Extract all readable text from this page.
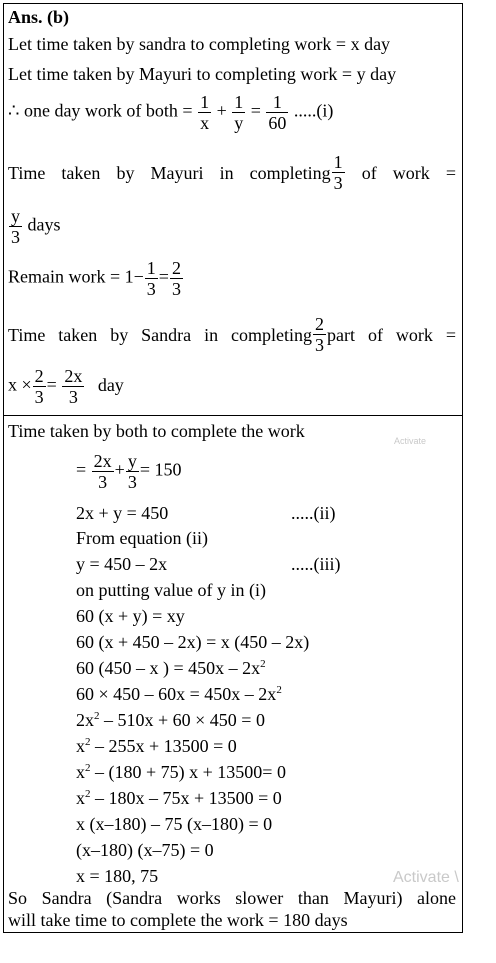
Ans. (b)
Let time taken by sandra to completing work = x day
Let time taken by Mayuri to completing work = y day
∴ one day work of both = $\frac{1}{x} + \frac{1}{y} = \frac{1}{60} .....(i)$
Time taken by Mayuri in completing $\frac{1}{3}$ of work =
$\frac{y}{3}$ days
Remain work = $1- \frac{1}{3} = \frac{2}{3}$
Time taken by Sandra in completing $\frac{2}{3}$ part of work =
$x \times \frac{2}{3} = \frac{2x}{3}$ day
Time taken by both to complete the work
= $\frac{2x}{3} + \frac{y}{3} = 150$
2x + y = 450	.....(ii)
From equation (ii)
y = 450 – 2x	.....(iii)
on putting value of y in (i)
60 (x + y) = xy
60 (x + 450 – 2x) = x (450 – 2x)
60 (450 – x ) = $450x - 2x^2$
$60 \times 450 - 60x = 450x - 2x^2$
$2x^2 - 510x + 60 \times 450 = 0$
$x^2 - 255x + 13500 = 0$
$x^2 - (180 + 75) x + 13500= 0$
$x^2 - 180x - 75x + 13500 = 0$
x (x–180) – 75 (x–180) = 0
(x–180) (x–75) = 0
x = 180, 75
So Sandra (Sandra works slower than Mayuri) alone
will take time to complete the work = 180 days
Activate
Activate \
